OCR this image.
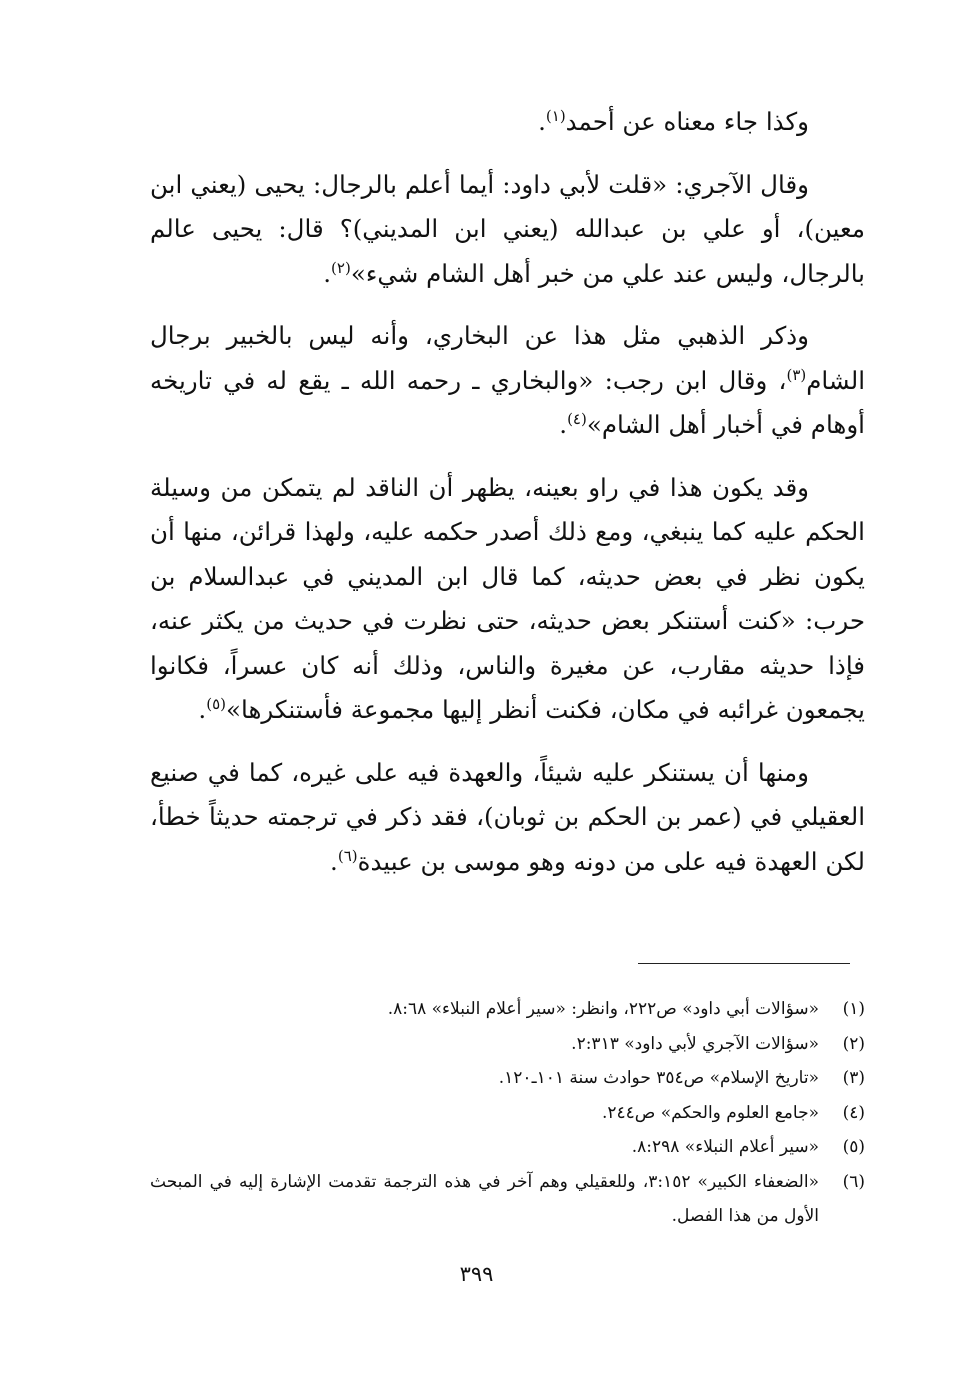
وكذا جاء معناه عن أحمد$^{(١)}$.

وقال الآجري: «قلت لأبي داود: أيما أعلم بالرجال: يحيى (يعني ابن معين)، أو علي بن عبدالله (يعني ابن المديني)؟ قال: يحيى عالم بالرجال، وليس عند علي من خبر أهل الشام شيء»$^{(٢)}$.

وذكر الذهبي مثل هذا عن البخاري، وأنه ليس بالخبير برجال الشام$^{(٣)}$، وقال ابن رجب: «والبخاري ـ رحمه الله ـ يقع له في تاريخه أوهام في أخبار أهل الشام»$^{(٤)}$.

وقد يكون هذا في راو بعينه، يظهر أن الناقد لم يتمكن من وسيلة الحكم عليه كما ينبغي، ومع ذلك أصدر حكمه عليه، ولهذا قرائن، منها أن يكون نظر في بعض حديثه، كما قال ابن المديني في عبدالسلام بن حرب: «كنت أستنكر بعض حديثه، حتى نظرت في حديث من يكثر عنه، فإذا حديثه مقارب، عن مغيرة والناس، وذلك أنه كان عسراً، فكانوا يجمعون غرائبه في مكان، فكنت أنظر إليها مجموعة فأستنكرها»$^{(٥)}$.

ومنها أن يستنكر عليه شيئاً، والعهدة فيه على غيره، كما في صنيع العقيلي في (عمر بن الحكم بن ثوبان)، فقد ذكر في ترجمته حديثاً خطأ، لكن العهدة فيه على من دونه وهو موسى بن عبيدة$^{(٦)}$.

(١)
«سؤالات أبي داود» ص٢٢٢، وانظر: «سير أعلام النبلاء» ٨:٦٨.
(٢)
«سؤالات الآجري لأبي داود» ٢:٣١٣.
(٣)
«تاريخ الإسلام» ص٣٥٤ حوادث سنة ١٠١ـ١٢٠.
(٤)
«جامع العلوم والحكم» ص٢٤٤.
(٥)
«سير أعلام النبلاء» ٨:٢٩٨.
(٦)
«الضعفاء الكبير» ٣:١٥٢، وللعقيلي وهم آخر في هذه الترجمة تقدمت الإشارة إليه في المبحث الأول من هذا الفصل.
٣٩٩
